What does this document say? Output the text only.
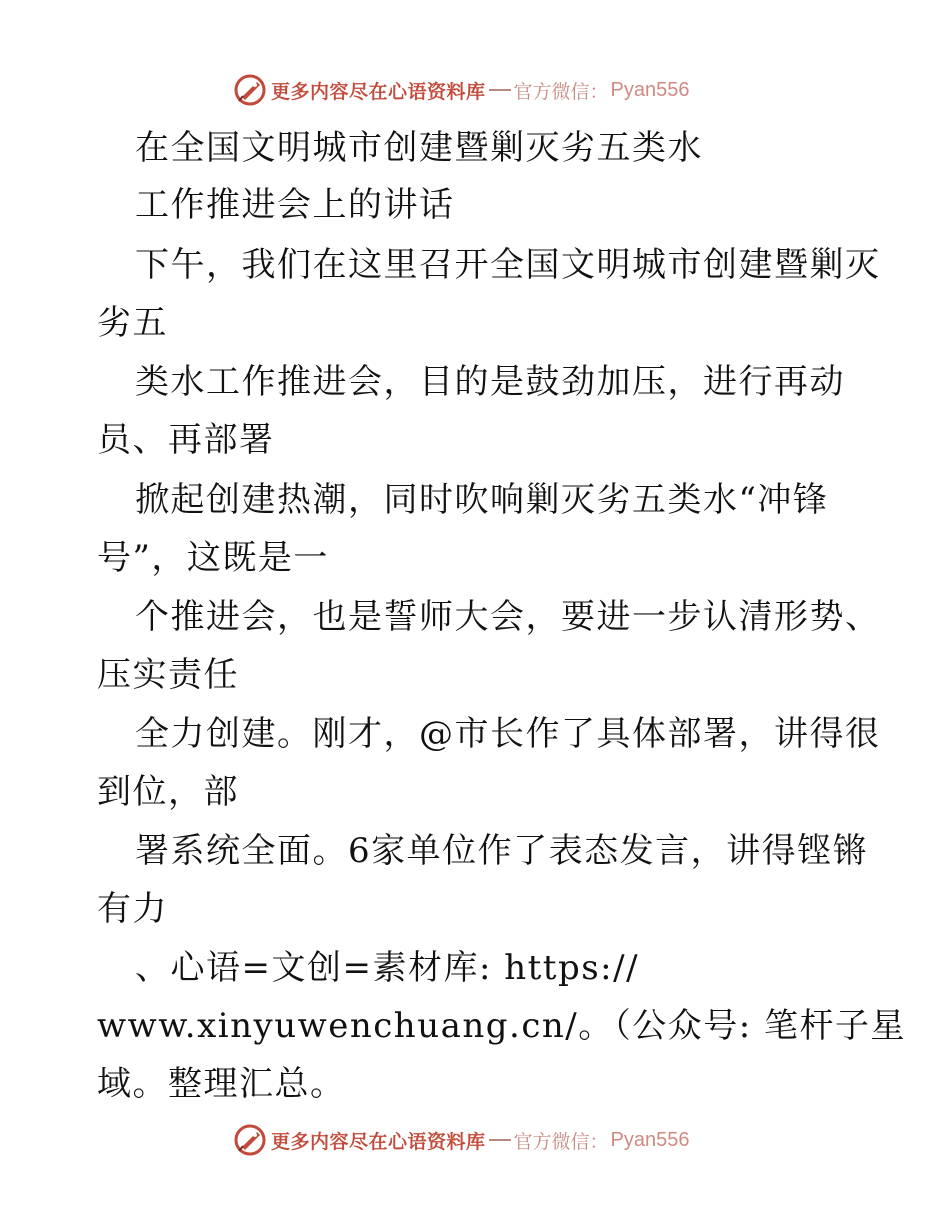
更多内容尽在心语资料库 官方微信： Pyan556
在全国文明城市创建暨剿灭劣五类水
工作推进会上的讲话
下午，我们在这里召开全国文明城市创建暨剿灭
劣五
类水工作推进会，目的是鼓劲加压，进行再动
员、再部署
掀起创建热潮，同时吹响剿灭劣五类水“冲锋
号”，这既是一
个推进会，也是誓师大会，要进一步认清形势、
压实责任
全力创建。刚才，@市长作了具体部署，讲得很
到位，部
署系统全面。6家单位作了表态发言，讲得铿锵
有力
、心语=文创=素材库: https://
www.xinyuwenchuang.cn/。（公众号: 笔杆子星
域。整理汇总。
更多内容尽在心语资料库 官方微信： Pyan556
